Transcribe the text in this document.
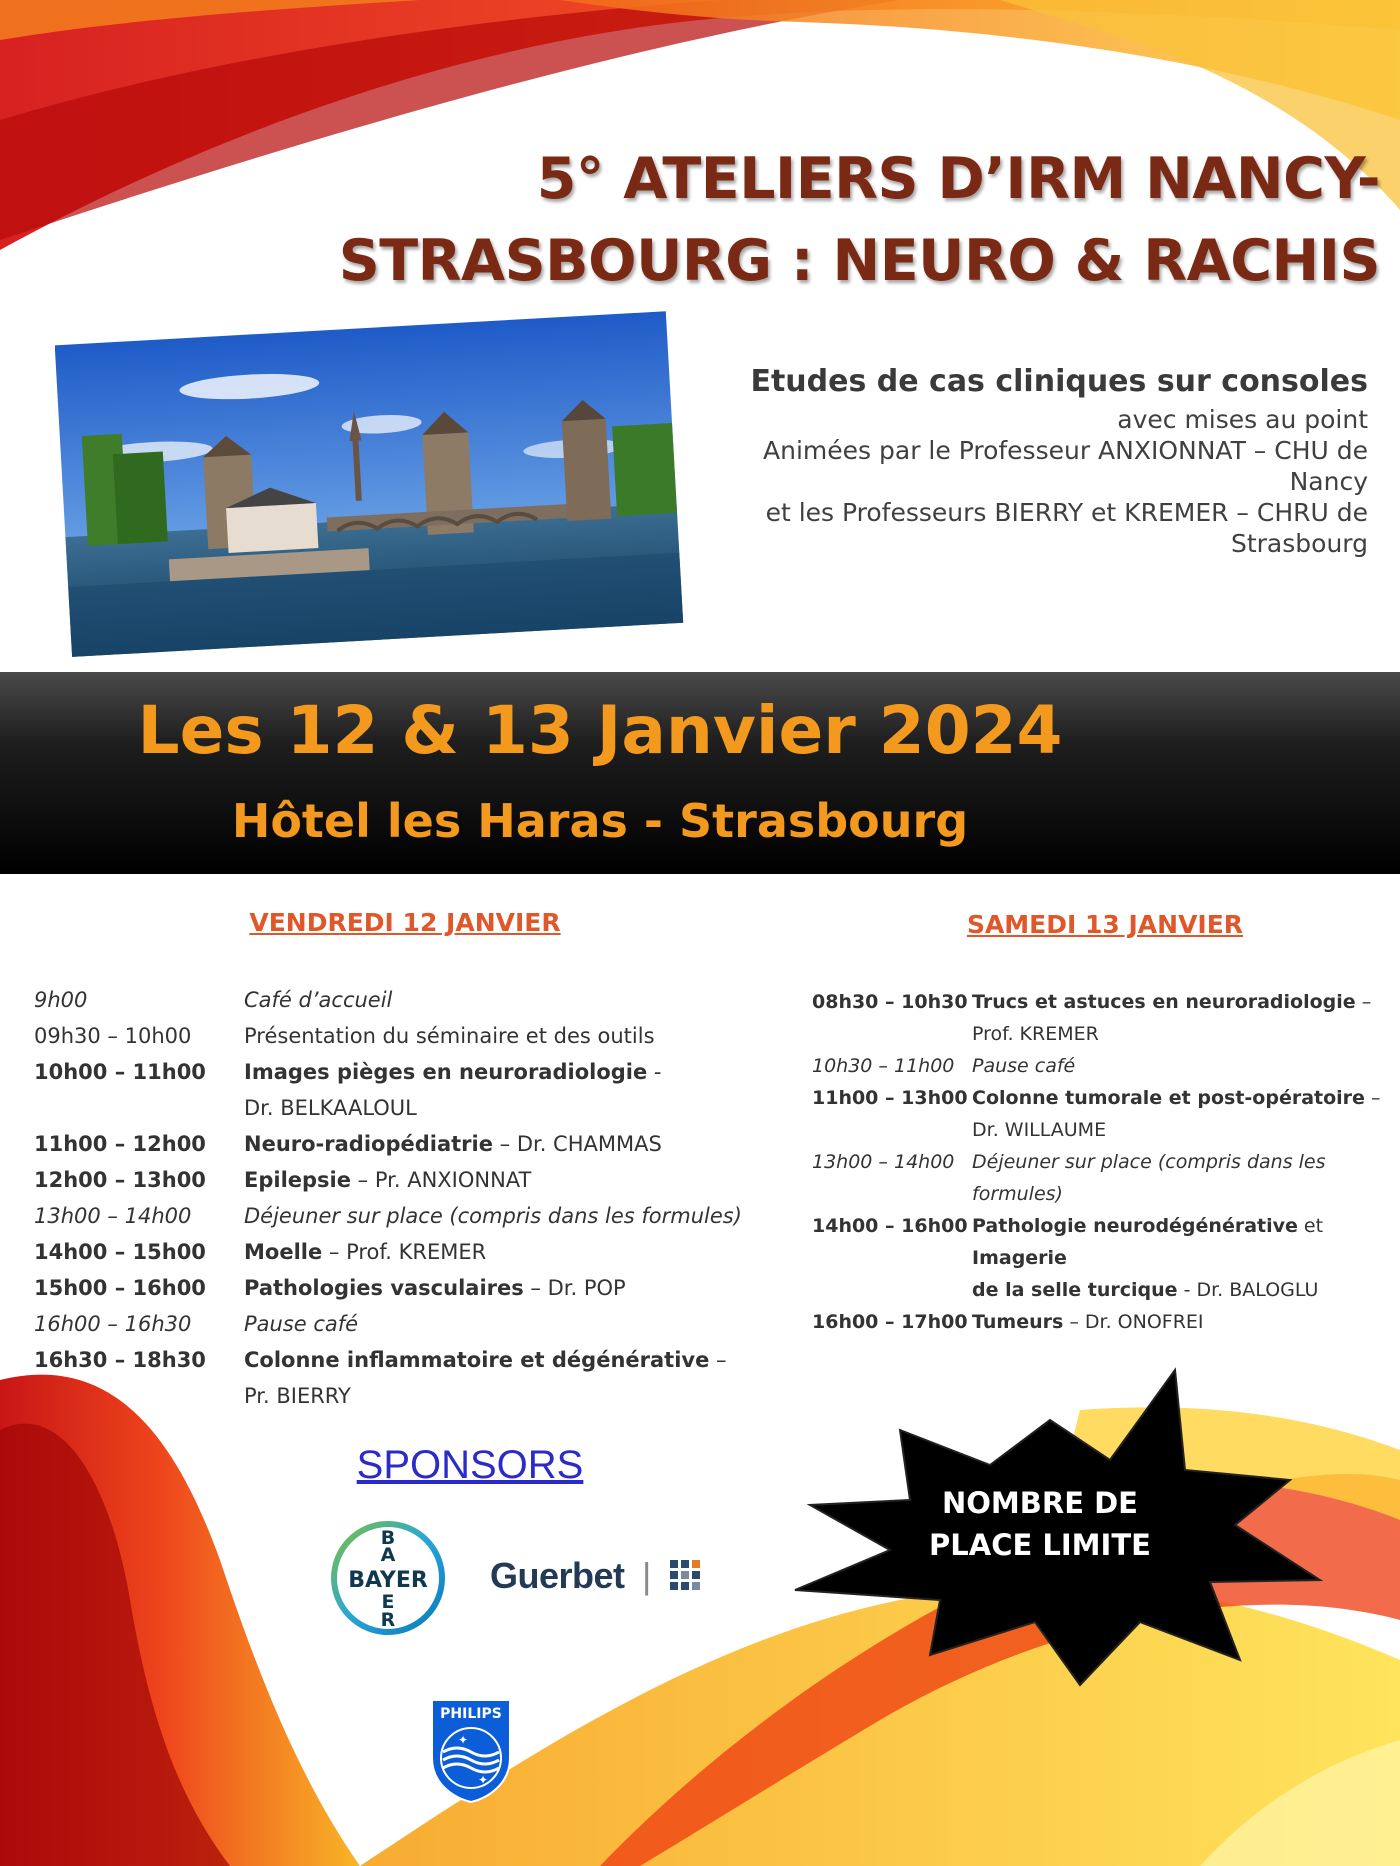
5° ATELIERS D’IRM NANCY-
STRASBOURG : NEURO & RACHIS
Etudes de cas cliniques sur consoles
avec mises au point
Animées par le Professeur ANXIONNAT – CHU de
Nancy
et les Professeurs BIERRY et KREMER – CHRU de
Strasbourg
Les 12 & 13 Janvier 2024
Hôtel les Haras - Strasbourg
VENDREDI 12 JANVIER
9h00	Café d’accueil
09h30 – 10h00	Présentation du séminaire et des outils
10h00 – 11h00	Images pièges en neuroradiologie -
Dr. BELKAALOUL
11h00 – 12h00	Neuro-radiopédiatrie – Dr. CHAMMAS
12h00 – 13h00	Epilepsie – Pr. ANXIONNAT
13h00 – 14h00	Déjeuner sur place (compris dans les formules)
14h00 – 15h00	Moelle – Prof. KREMER
15h00 – 16h00	Pathologies vasculaires – Dr. POP
16h00 – 16h30	Pause café
16h30 – 18h30	Colonne inflammatoire et dégénérative –
Pr. BIERRY
SAMEDI 13 JANVIER
08h30 – 10h30	Trucs et astuces en neuroradiologie –
Prof. KREMER
10h30 – 11h00	Pause café
11h00 – 13h00	Colonne tumorale et post-opératoire –
Dr. WILLAUME
13h00 – 14h00	Déjeuner sur place (compris dans les
formules)
14h00 – 16h00	Pathologie neurodégénérative et Imagerie
de la selle turcique - Dr. BALOGLU
16h00 – 17h00	Tumeurs – Dr. ONOFREI
SPONSORS
BAYER
B
A
E
R
Guerbet |
PHILIPS
✦
✦
NOMBRE DE
PLACE LIMITE
